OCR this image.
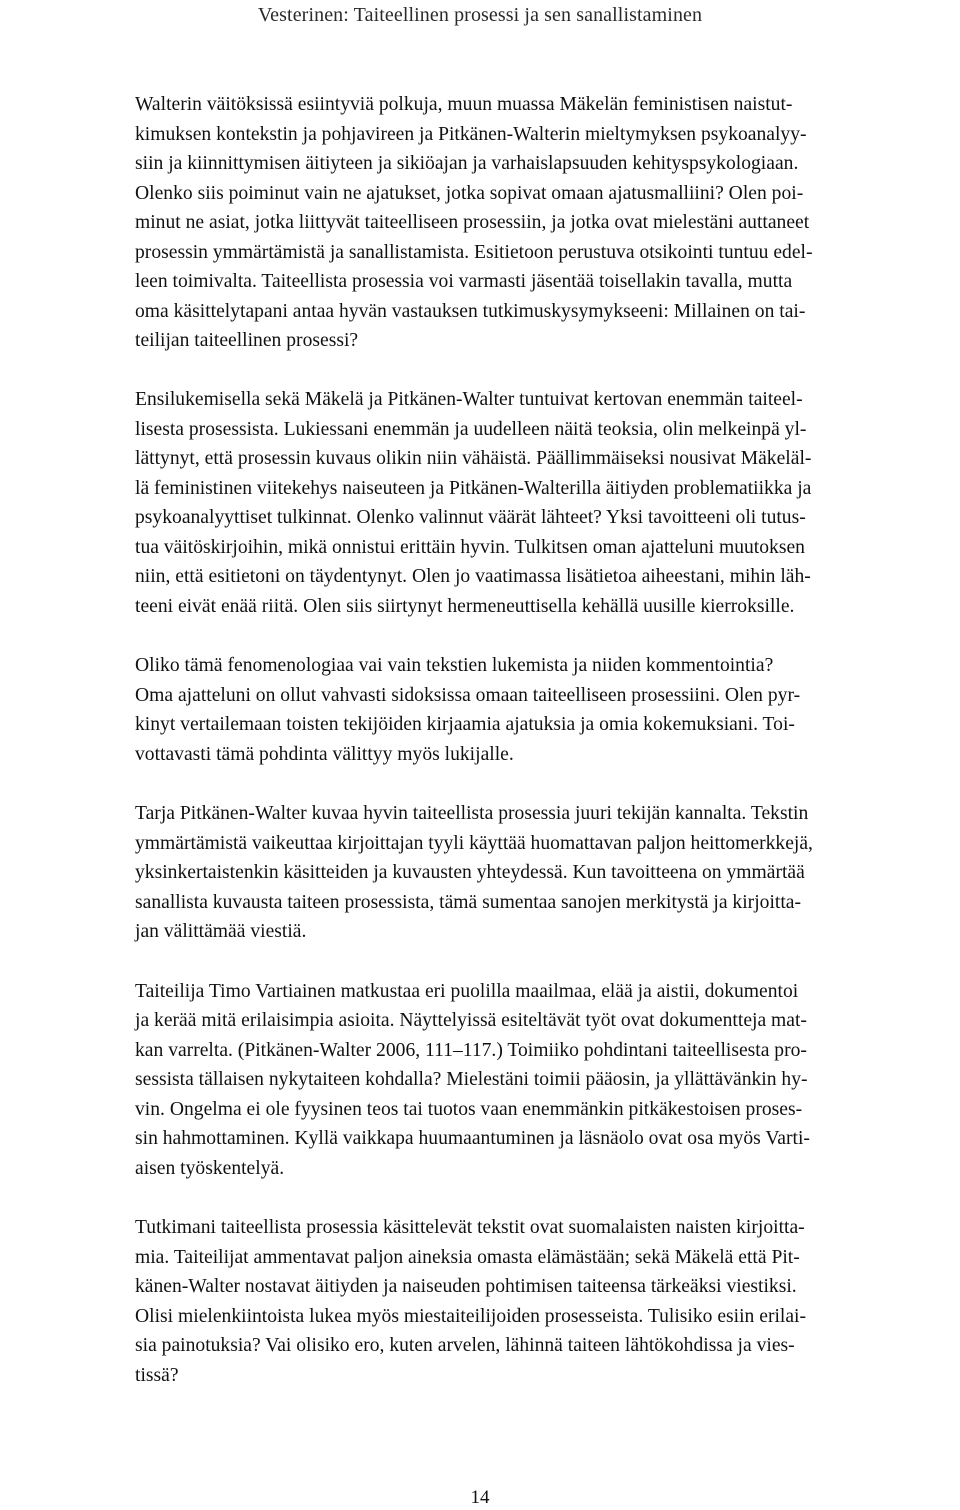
Vesterinen: Taiteellinen prosessi ja sen sanallistaminen

Walterin väitöksissä esiintyviä polkuja, muun muassa Mäkelän feministisen naistut-
kimuksen kontekstin ja pohjavireen ja Pitkänen-Walterin mieltymyksen psykoanalyy-
siin ja kiinnittymisen äitiyteen ja sikiöajan ja varhaislapsuuden kehityspsykologiaan.
Olenko siis poiminut vain ne ajatukset, jotka sopivat omaan ajatusmalliini? Olen poi-
minut ne asiat, jotka liittyvät taiteelliseen prosessiin, ja jotka ovat mielestäni auttaneet
prosessin ymmärtämistä ja sanallistamista. Esitietoon perustuva otsikointi tuntuu edel-
leen toimivalta. Taiteellista prosessia voi varmasti jäsentää toisellakin tavalla, mutta
oma käsittelytapani antaa hyvän vastauksen tutkimuskysymykseeni: Millainen on tai-
teilijan taiteellinen prosessi?

Ensilukemisella sekä Mäkelä ja Pitkänen-Walter tuntuivat kertovan enemmän taiteel-
lisesta prosessista. Lukiessani enemmän ja uudelleen näitä teoksia, olin melkeinpä yl-
lättynyt, että prosessin kuvaus olikin niin vähäistä. Päällimmäiseksi nousivat Mäkeläl-
lä feministinen viitekehys naiseuteen ja Pitkänen-Walterilla äitiyden problematiikka ja
psykoanalyyttiset tulkinnat. Olenko valinnut väärät lähteet? Yksi tavoitteeni oli tutus-
tua väitöskirjoihin, mikä onnistui erittäin hyvin. Tulkitsen oman ajatteluni muutoksen
niin, että esitietoni on täydentynyt. Olen jo vaatimassa lisätietoa aiheestani, mihin läh-
teeni eivät enää riitä. Olen siis siirtynyt hermeneuttisella kehällä uusille kierroksille.

Oliko tämä fenomenologiaa vai vain tekstien lukemista ja niiden kommentointia?
Oma ajatteluni on ollut vahvasti sidoksissa omaan taiteelliseen prosessiini. Olen pyr-
kinyt vertailemaan toisten tekijöiden kirjaamia ajatuksia ja omia kokemuksiani. Toi-
vottavasti tämä pohdinta välittyy myös lukijalle.

Tarja Pitkänen-Walter kuvaa hyvin taiteellista prosessia juuri tekijän kannalta. Tekstin
ymmärtämistä vaikeuttaa kirjoittajan tyyli käyttää huomattavan paljon heittomerkkejä,
yksinkertaistenkin käsitteiden ja kuvausten yhteydessä. Kun tavoitteena on ymmärtää
sanallista kuvausta taiteen prosessista, tämä sumentaa sanojen merkitystä ja kirjoitta-
jan välittämää viestiä.

Taiteilija Timo Vartiainen matkustaa eri puolilla maailmaa, elää ja aistii, dokumentoi
ja kerää mitä erilaisimpia asioita. Näyttelyissä esiteltävät työt ovat dokumentteja mat-
kan varrelta. (Pitkänen-Walter 2006, 111–117.) Toimiiko pohdintani taiteellisesta pro-
sessista tällaisen nykytaiteen kohdalla? Mielestäni toimii pääosin, ja yllättävänkin hy-
vin. Ongelma ei ole fyysinen teos tai tuotos vaan enemmänkin pitkäkestoisen proses-
sin hahmottaminen. Kyllä vaikkapa huumaantuminen ja läsnäolo ovat osa myös Varti-
aisen työskentelyä.

Tutkimani taiteellista prosessia käsittelevät tekstit ovat suomalaisten naisten kirjoitta-
mia. Taiteilijat ammentavat paljon aineksia omasta elämästään; sekä Mäkelä että Pit-
känen-Walter nostavat äitiyden ja naiseuden pohtimisen taiteensa tärkeäksi viestiksi.
Olisi mielenkiintoista lukea myös miestaiteilijoiden prosesseista. Tulisiko esiin erilai-
sia painotuksia? Vai olisiko ero, kuten arvelen, lähinnä taiteen lähtökohdissa ja vies-
tissä?

14
